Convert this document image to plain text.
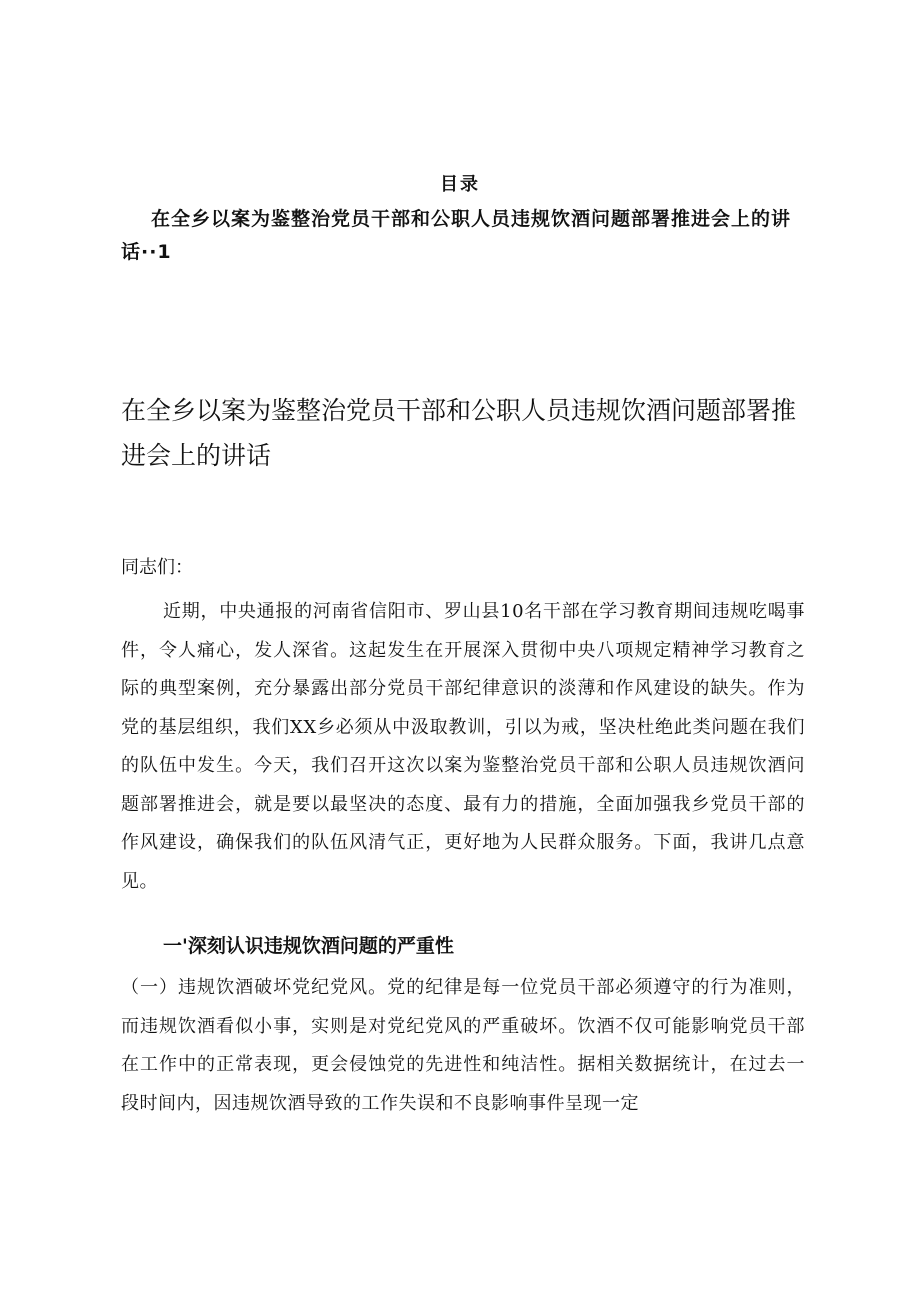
目录
在全乡以案为鉴整治党员干部和公职人员违规饮酒问题部署推进会上的讲话··1
在全乡以案为鉴整治党员干部和公职人员违规饮酒问题部署推进会上的讲话
同志们：
近期，中央通报的河南省信阳市、罗山县10名干部在学习教育期间违规吃喝事件，令人痛心，发人深省。这起发生在开展深入贯彻中央八项规定精神学习教育之际的典型案例，充分暴露出部分党员干部纪律意识的淡薄和作风建设的缺失。作为党的基层组织，我们XX乡必须从中汲取教训，引以为戒，坚决杜绝此类问题在我们的队伍中发生。今天，我们召开这次以案为鉴整治党员干部和公职人员违规饮酒问题部署推进会，就是要以最坚决的态度、最有力的措施，全面加强我乡党员干部的作风建设，确保我们的队伍风清气正，更好地为人民群众服务。下面，我讲几点意见。
一'深刻认识违规饮酒问题的严重性
（一）违规饮酒破坏党纪党风。党的纪律是每一位党员干部必须遵守的行为准则，而违规饮酒看似小事，实则是对党纪党风的严重破坏。饮酒不仅可能影响党员干部在工作中的正常表现，更会侵蚀党的先进性和纯洁性。据相关数据统计，在过去一段时间内，因违规饮酒导致的工作失误和不良影响事件呈现一定
